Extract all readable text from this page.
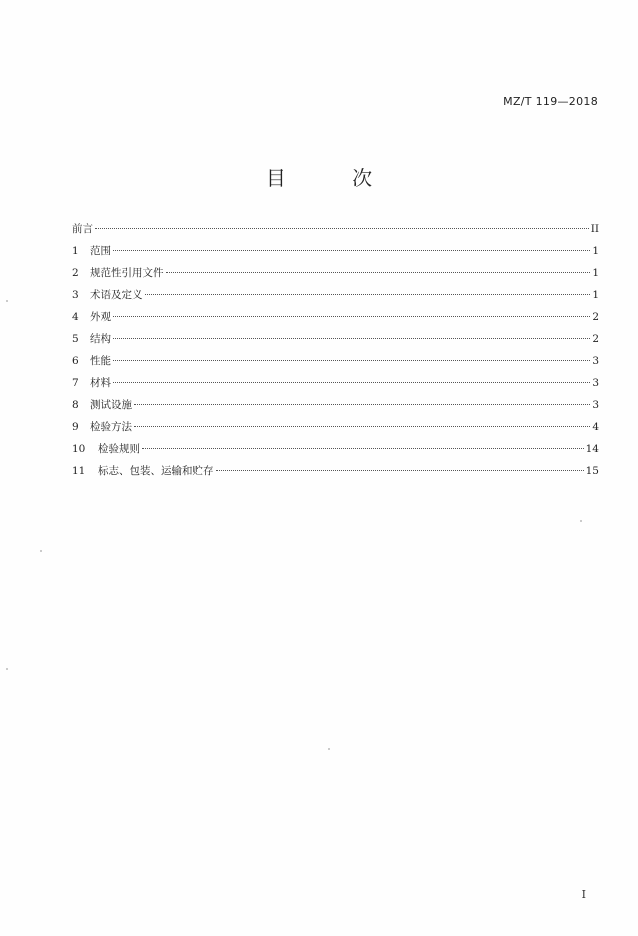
MZ/T 119—2018
目 次
前言	II
1	范围	1
2	规范性引用文件	1
3	术语及定义	1
4	外观	2
5	结构	2
6	性能	3
7	材料	3
8	测试设施	3
9	检验方法	4
10	检验规则	14
11	标志、包装、运输和贮存	15
I
